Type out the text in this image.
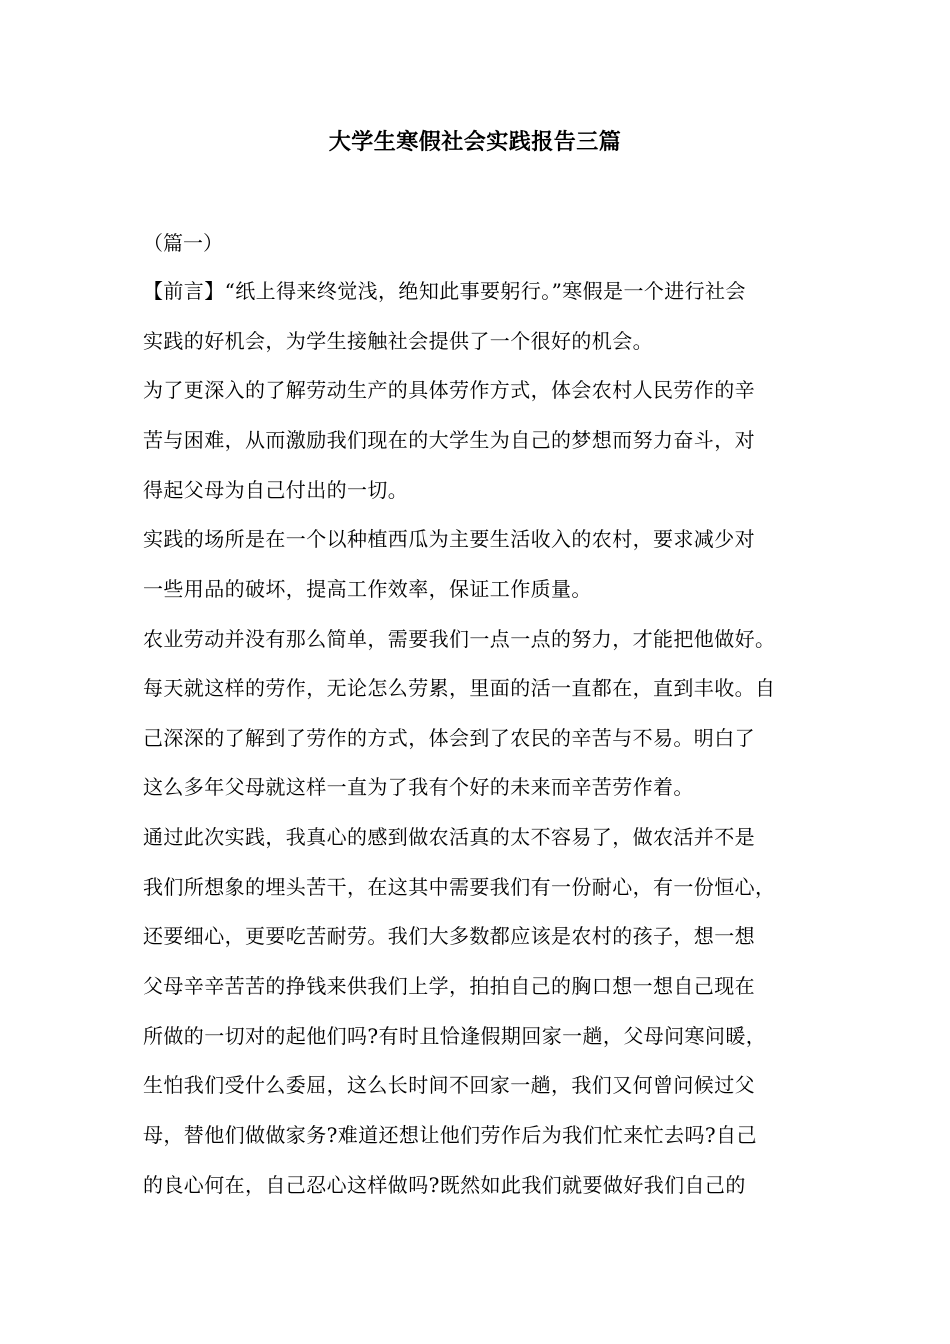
大学生寒假社会实践报告三篇
（篇一）
【前言】“纸上得来终觉浅，绝知此事要躬行。”寒假是一个进行社会
实践的好机会，为学生接触社会提供了一个很好的机会。
为了更深入的了解劳动生产的具体劳作方式，体会农村人民劳作的辛
苦与困难，从而激励我们现在的大学生为自己的梦想而努力奋斗，对
得起父母为自己付出的一切。
实践的场所是在一个以种植西瓜为主要生活收入的农村，要求减少对
一些用品的破坏，提高工作效率，保证工作质量。
农业劳动并没有那么简单，需要我们一点一点的努力，才能把他做好。
每天就这样的劳作，无论怎么劳累，里面的活一直都在，直到丰收。自
己深深的了解到了劳作的方式，体会到了农民的辛苦与不易。明白了
这么多年父母就这样一直为了我有个好的未来而辛苦劳作着。
通过此次实践，我真心的感到做农活真的太不容易了，做农活并不是
我们所想象的埋头苦干，在这其中需要我们有一份耐心，有一份恒心，
还要细心，更要吃苦耐劳。我们大多数都应该是农村的孩子，想一想
父母辛辛苦苦的挣钱来供我们上学，拍拍自己的胸口想一想自己现在
所做的一切对的起他们吗?有时且恰逢假期回家一趟，父母问寒问暖，
生怕我们受什么委屈，这么长时间不回家一趟，我们又何曾问候过父
母，替他们做做家务?难道还想让他们劳作后为我们忙来忙去吗?自己
的良心何在，自己忍心这样做吗?既然如此我们就要做好我们自己的
